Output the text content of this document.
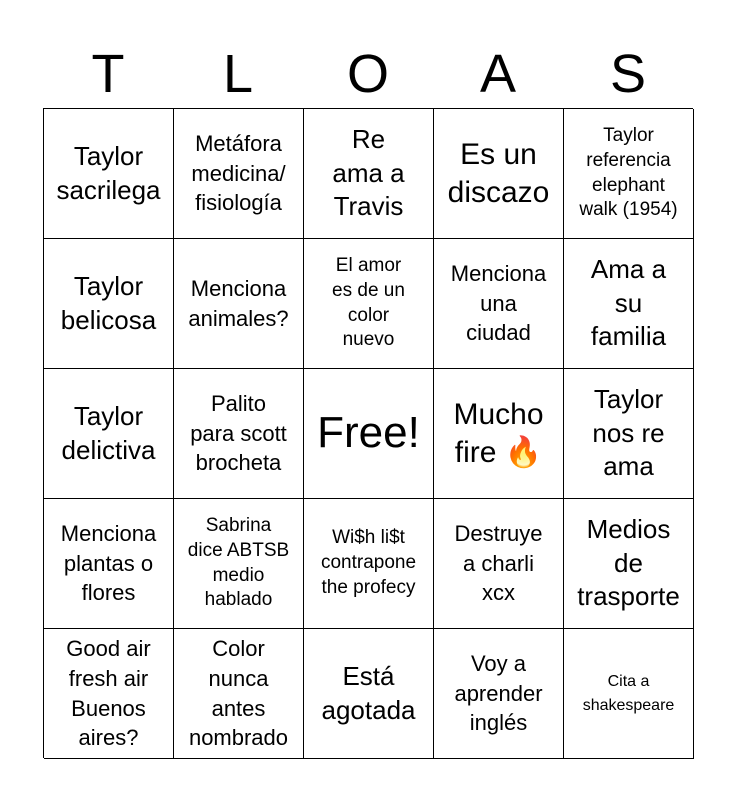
T	L	O	A	S
Taylor
sacrilega
Metáfora
medicina/
fisiología
Re
ama a
Travis
Es un
discazo
Taylor
referencia
elephant
walk (1954)
Taylor
belicosa
Menciona
animales?
El amor
es de un
color
nuevo
Menciona
una
ciudad
Ama a
su
familia
Taylor
delictiva
Palito
para scott
brocheta
Free! Mucho
fire 🔥
Taylor
nos re
ama
Menciona
plantas o
flores
Sabrina
dice ABTSB
medio
hablado
Wi$h li$t
contrapone
the profecy
Destruye
a charli
xcx
Medios
de
trasporte
Good air
fresh air
Buenos
aires?
Color
nunca
antes
nombrado
Está
agotada
Voy a
aprender
inglés
Cita a
shakespeare
